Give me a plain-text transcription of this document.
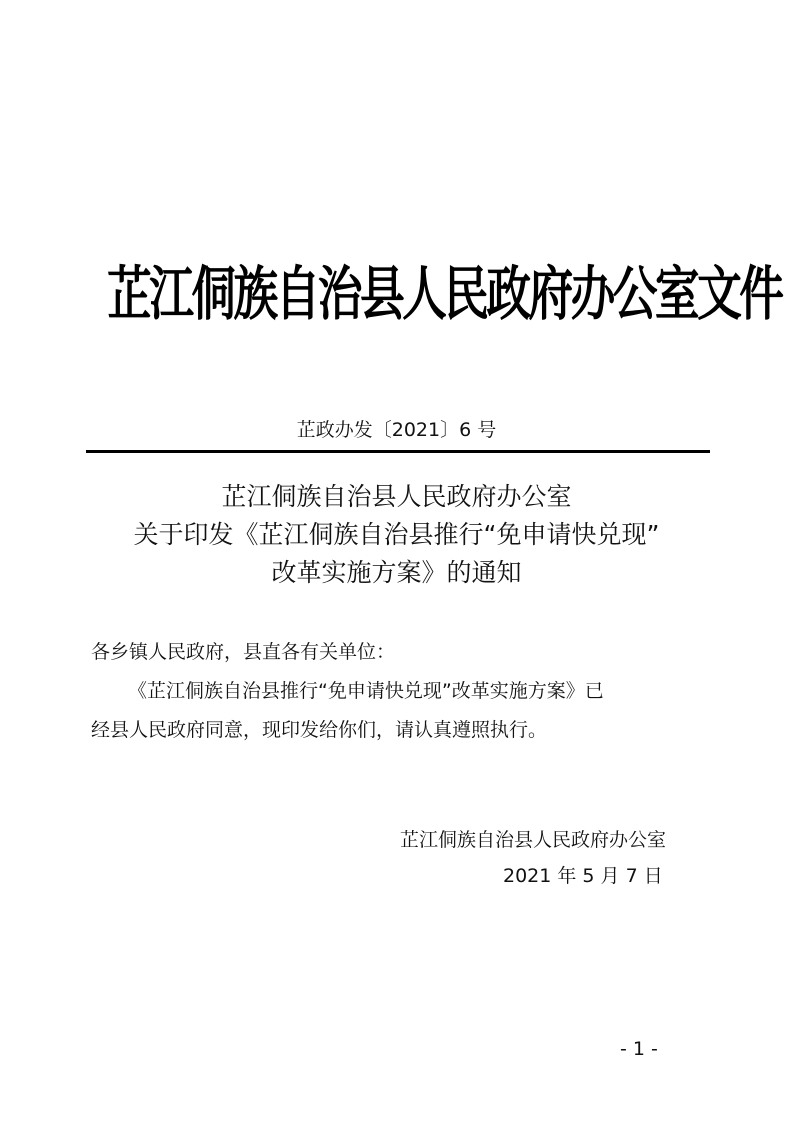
芷江侗族自治县人民政府办公室文件
芷政办发〔2021〕6 号
芷江侗族自治县人民政府办公室
关于印发《芷江侗族自治县推行“免申请快兑现”
改革实施方案》的通知
各乡镇人民政府，县直各有关单位：
《芷江侗族自治县推行“免申请快兑现”改革实施方案》已
经县人民政府同意，现印发给你们，请认真遵照执行。
芷江侗族自治县人民政府办公室
2021 年 5 月 7 日
- 1 -
